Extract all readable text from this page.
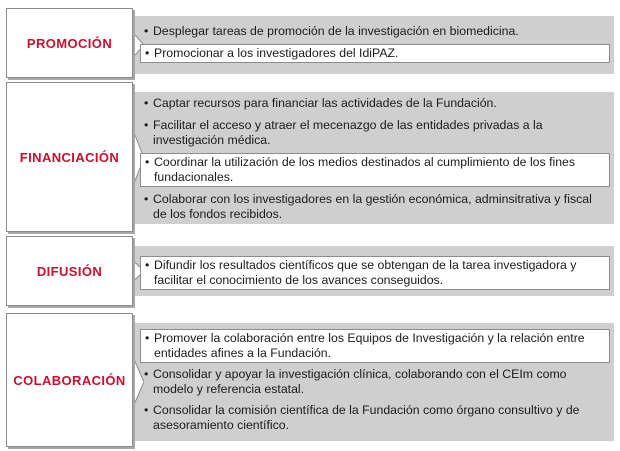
PROMOCIÓN
• Desplegar tareas de promoción de la investigación en biomedicina.
• Promocionar a los investigadores del IdiPAZ.
FINANCIACIÓN
• Captar recursos para financiar las actividades de la Fundación.
• Facilitar el acceso y atraer el mecenazgo de las entidades privadas a la investigación médica.
• Coordinar la utilización de los medios destinados al cumplimiento de los fines fundacionales.
• Colaborar con los investigadores en la gestión económica, adminsitrativa y fiscal de los fondos recibidos.
DIFUSIÓN	• Difundir los resultados científicos que se obtengan de la tarea investigadora y facilitar el conocimiento de los avances conseguidos.
COLABORACIÓN
• Promover la colaboración entre los Equipos de Investigación y la relación entre entidades afines a la Fundación.
• Consolidar y apoyar la investigación clínica, colaborando con el CEIm como modelo y referencia estatal.
• Consolidar la comisión científica de la Fundación como órgano consultivo y de asesoramiento científico.
